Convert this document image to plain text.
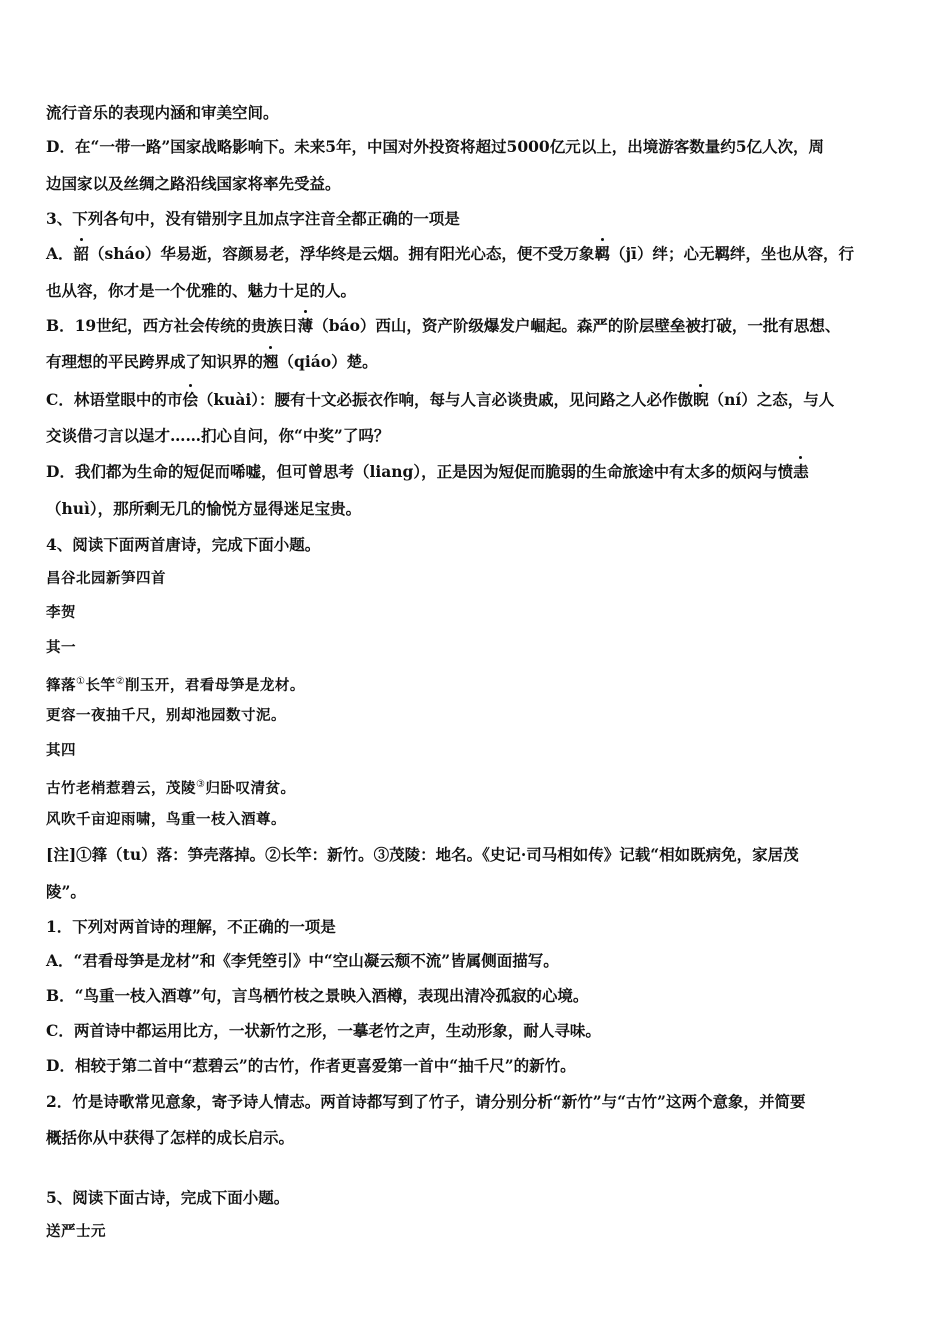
流行音乐的表现内涵和审美空间。
D．在“一带一路”国家战略影响下。未来5年，中国对外投资将超过5000亿元以上，出境游客数量约5亿人次，周
边国家以及丝绸之路沿线国家将率先受益。
3、下列各句中，没有错别字且加点字注音全都正确的一项是
A．韶（sháo）华易逝，容颜易老，浮华终是云烟。拥有阳光心态，便不受万象羁（jī）绊；心无羁绊，坐也从容，行
也从容，你才是一个优雅的、魅力十足的人。
B．19世纪，西方社会传统的贵族日薄（báo）西山，资产阶级爆发户崛起。森严的阶层壁垒被打破，一批有思想、
有理想的平民跨界成了知识界的翘（qiáo）楚。
C．林语堂眼中的市侩（kuài）：腰有十文必振衣作响，每与人言必谈贵戚，见问路之人必作傲睨（ní）之态，与人
交谈借刁言以逞才……扪心自问，你“中奖”了吗？
D．我们都为生命的短促而唏嘘，但可曾思考（liang），正是因为短促而脆弱的生命旅途中有太多的烦闷与愤恚
（huì），那所剩无几的愉悦方显得迷足宝贵。
4、阅读下面两首唐诗，完成下面小题。
昌谷北园新笋四首
李贺
其一
箨落①长竿②削玉开，君看母笋是龙材。
更容一夜抽千尺，别却池园数寸泥。
其四
古竹老梢惹碧云，茂陵③归卧叹清贫。
风吹千亩迎雨啸，鸟重一枝入酒尊。
[注]①箨（tu）落：笋壳落掉。②长竿：新竹。③茂陵：地名。《史记·司马相如传》记载“相如既病免，家居茂
陵”。
1．下列对两首诗的理解，不正确的一项是
A．“君看母笋是龙材”和《李凭箜引》中“空山凝云颓不流”皆属侧面描写。
B．“鸟重一枝入酒尊”句，言鸟栖竹枝之景映入酒樽，表现出清冷孤寂的心境。
C．两首诗中都运用比方，一状新竹之形，一摹老竹之声，生动形象，耐人寻味。
D．相较于第二首中“惹碧云”的古竹，作者更喜爱第一首中“抽千尺”的新竹。
2．竹是诗歌常见意象，寄予诗人情志。两首诗都写到了竹子，请分别分析“新竹”与“古竹”这两个意象，并简要
概括你从中获得了怎样的成长启示。
5、阅读下面古诗，完成下面小题。
送严士元
